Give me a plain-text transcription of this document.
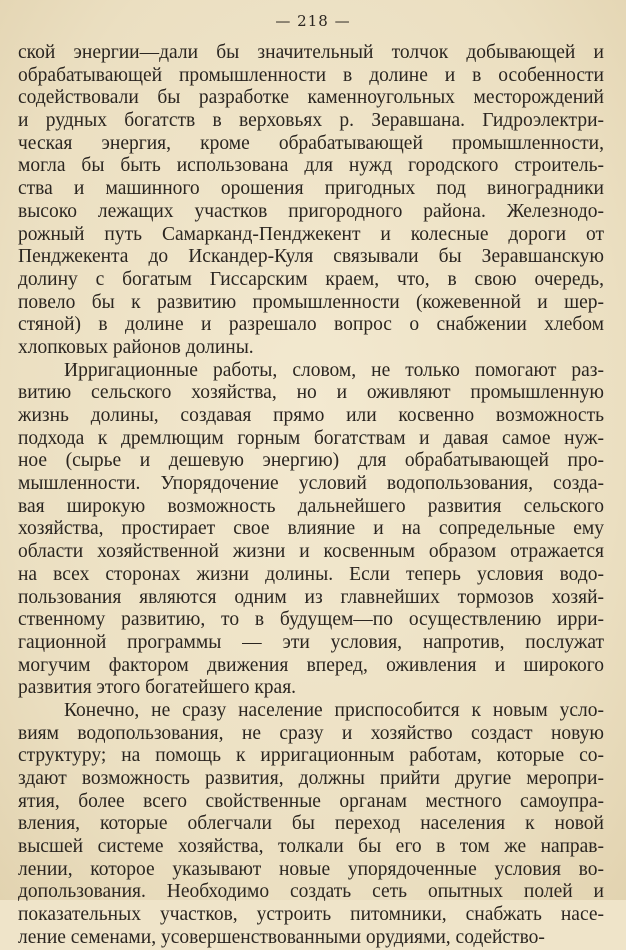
— 218 —
ской энергии—дали бы значительный толчок добывающей и
обрабатывающей промышленности в долине и в особенности
содействовали бы разработке каменноугольных месторождений
и рудных богатств в верховьях р. Зеравшана. Гидроэлектри-
ческая энергия, кроме обрабатывающей промышленности,
могла бы быть использована для нужд городского строитель-
ства и машинного орошения пригодных под виноградники
высоко лежащих участков пригородного района. Железнодо-
рожный путь Самарканд-Пенджекент и колесные дороги от
Пенджекента до Искандер-Куля связывали бы Зеравшанскую
долину с богатым Гиссарским краем, что, в свою очередь,
повело бы к развитию промышленности (кожевенной и шер-
стяной) в долине и разрешало вопрос о снабжении хлебом
хлопковых районов долины.
Ирригационные работы, словом, не только помогают раз-
витию сельского хозяйства, но и оживляют промышленную
жизнь долины, создавая прямо или косвенно возможность
подхода к дремлющим горным богатствам и давая самое нуж-
ное (сырье и дешевую энергию) для обрабатывающей про-
мышленности. Упорядочение условий водопользования, созда-
вая широкую возможность дальнейшего развития сельского
хозяйства, простирает свое влияние и на сопредельные ему
области хозяйственной жизни и косвенным образом отражается
на всех сторонах жизни долины. Если теперь условия водо-
пользования являются одним из главнейших тормозов хозяй-
ственному развитию, то в будущем—по осуществлению ирри-
гационной программы — эти условия, напротив, послужат
могучим фактором движения вперед, оживления и широкого
развития этого богатейшего края.
Конечно, не сразу население приспособится к новым усло-
виям водопользования, не сразу и хозяйство создаст новую
структуру; на помощь к ирригационным работам, которые со-
здают возможность развития, должны прийти другие меропри-
ятия, более всего свойственные органам местного самоупра-
вления, которые облегчали бы переход населения к новой
высшей системе хозяйства, толкали бы его в том же направ-
лении, которое указывают новые упорядоченные условия во-
допользования. Необходимо создать сеть опытных полей и
показательных участков, устроить питомники, снабжать насе-
ление семенами, усовершенствованными орудиями, содейство-
